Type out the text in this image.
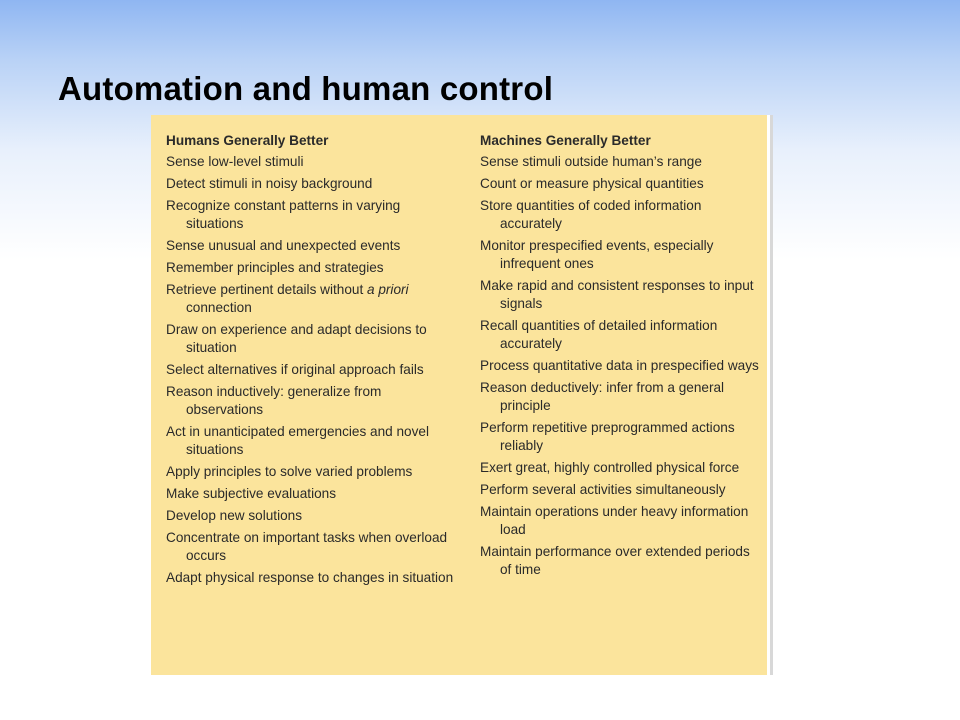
Automation and human control
Humans Generally Better
Sense low-level stimuli
Detect stimuli in noisy background
Recognize constant patterns in varying situations
Sense unusual and unexpected events
Remember principles and strategies
Retrieve pertinent details without a priori connection
Draw on experience and adapt decisions to situation
Select alternatives if original approach fails
Reason inductively: generalize from observations
Act in unanticipated emergencies and novel situations
Apply principles to solve varied problems
Make subjective evaluations
Develop new solutions
Concentrate on important tasks when overload occurs
Adapt physical response to changes in situation
Machines Generally Better
Sense stimuli outside human’s range
Count or measure physical quantities
Store quantities of coded information accurately
Monitor prespecified events, especially infrequent ones
Make rapid and consistent responses to input signals
Recall quantities of detailed information accurately
Process quantitative data in prespecified ways
Reason deductively: infer from a general principle
Perform repetitive preprogrammed actions reliably
Exert great, highly controlled physical force
Perform several activities simultaneously
Maintain operations under heavy information load
Maintain performance over extended periods of time
